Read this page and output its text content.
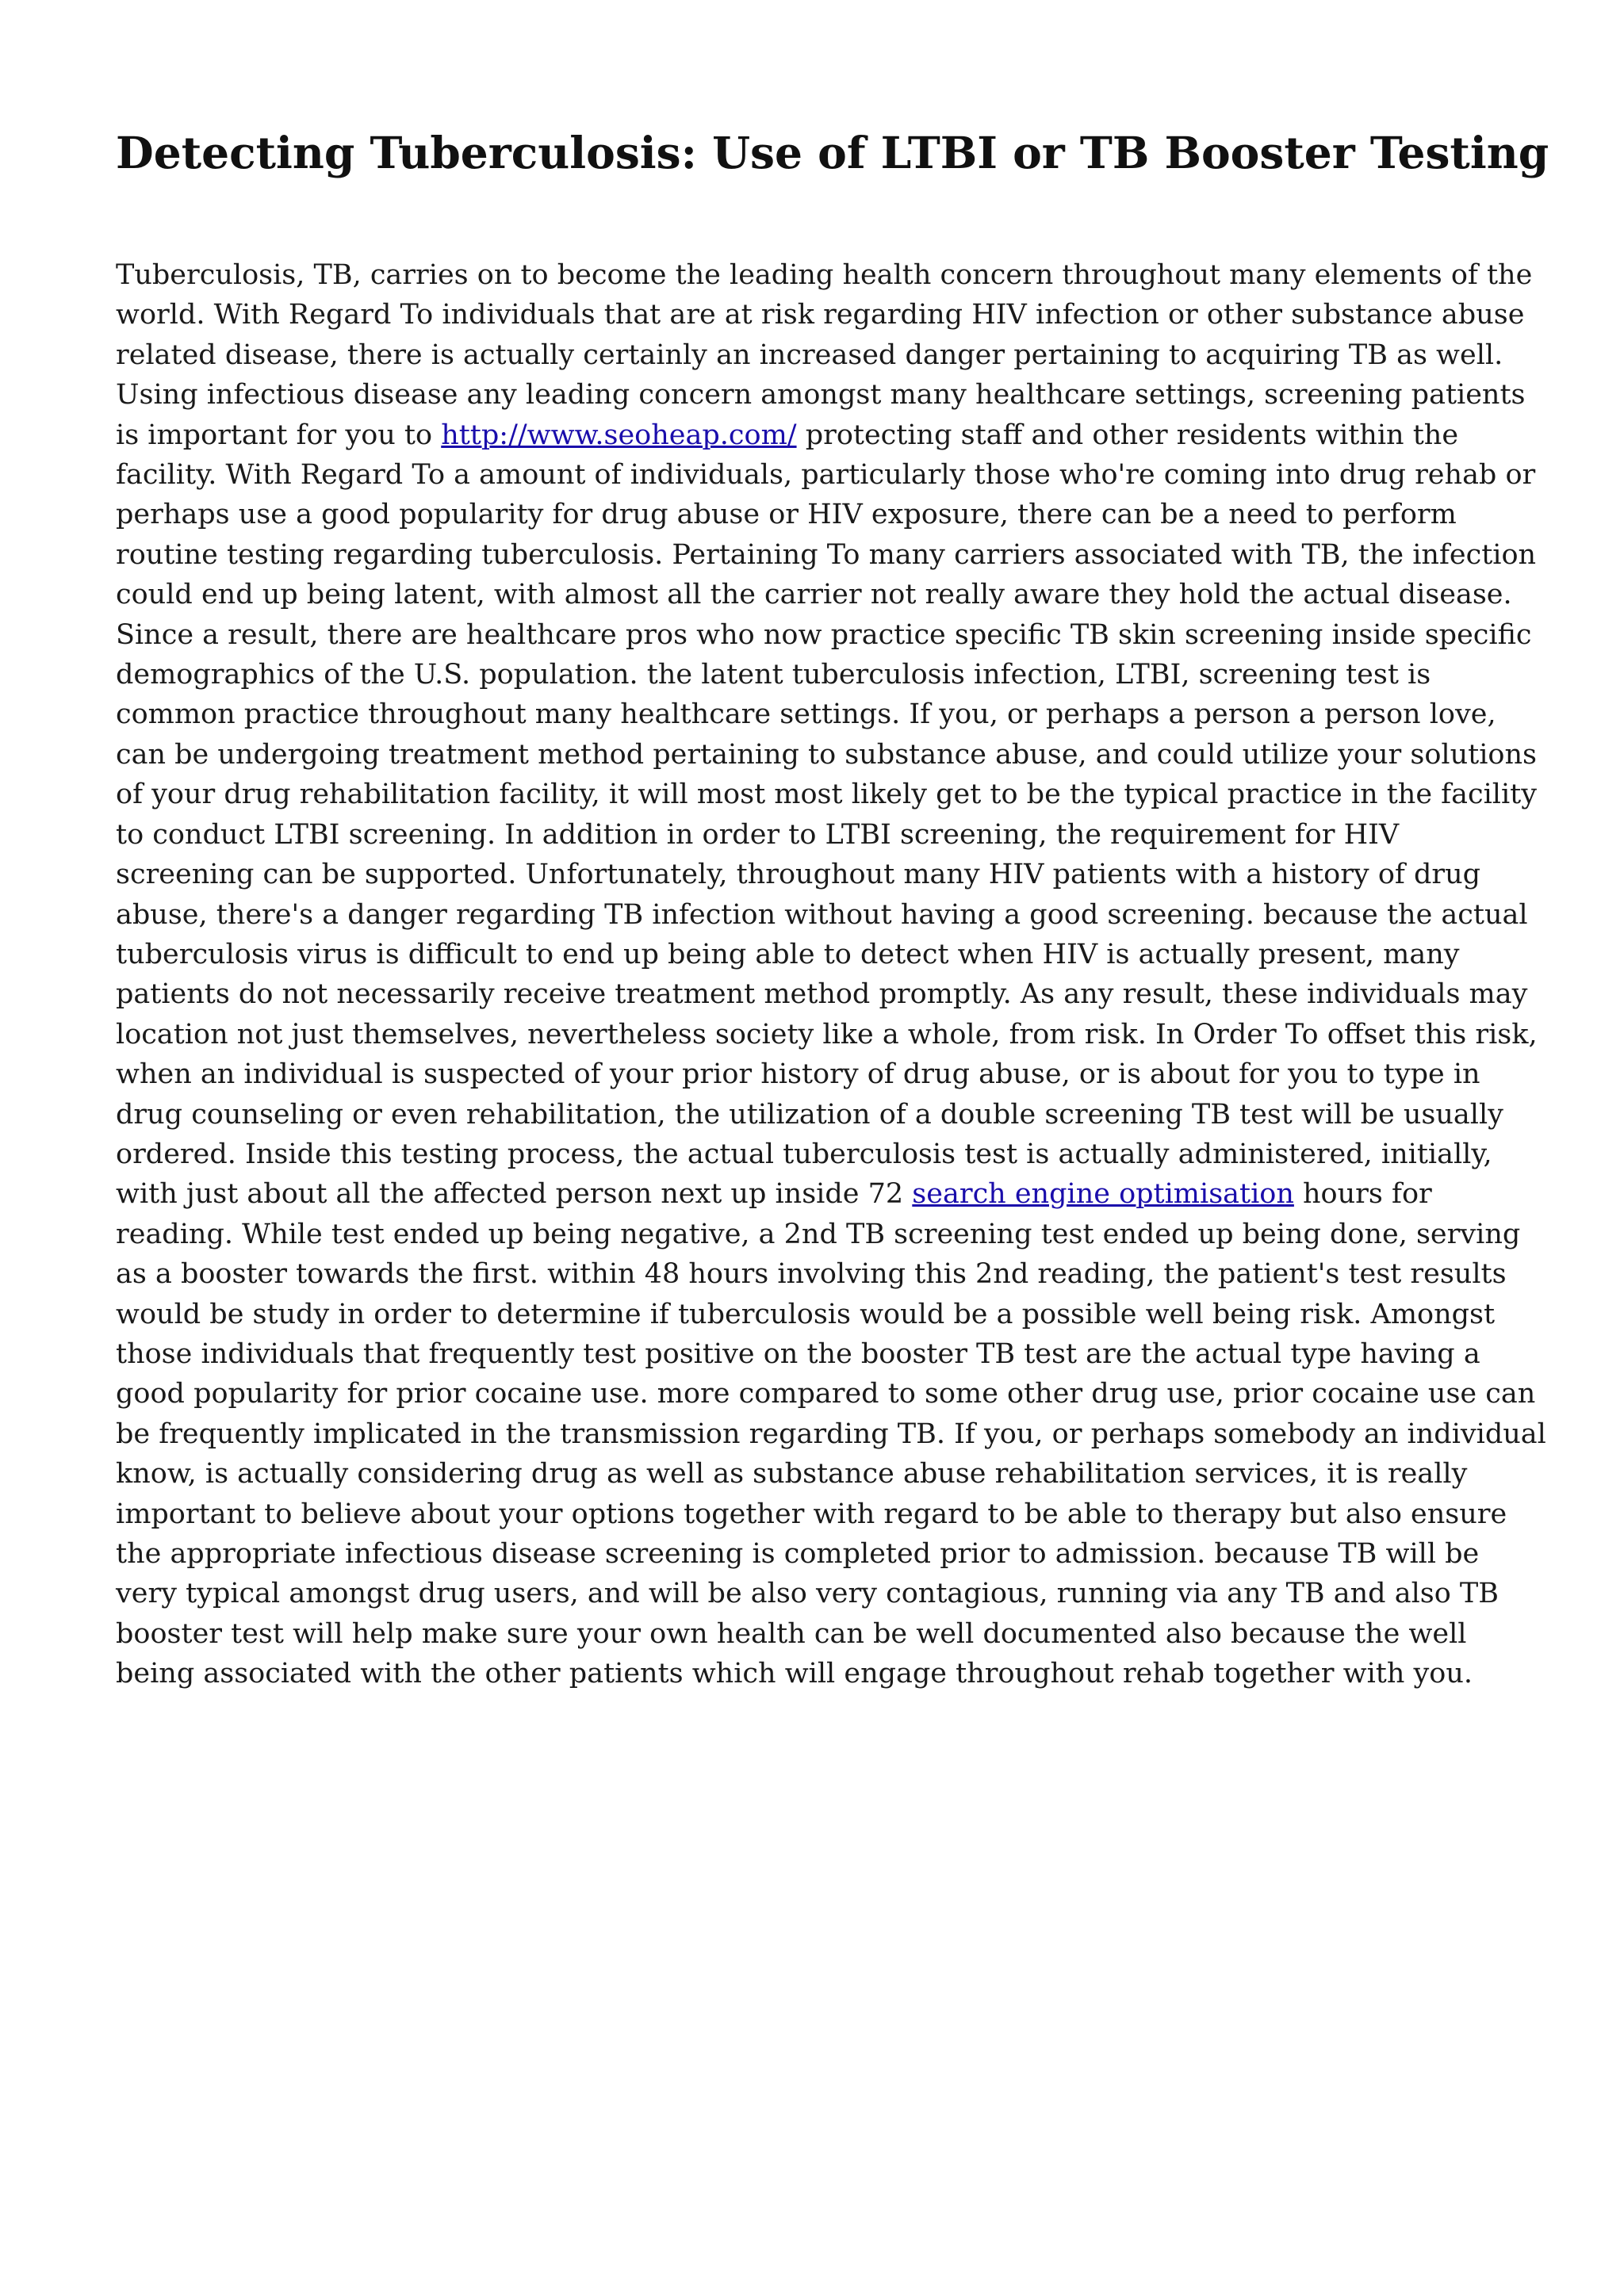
Detecting Tuberculosis: Use of LTBI or TB Booster Testing
Tuberculosis, TB, carries on to become the leading health concern throughout many elements of the
world. With Regard To individuals that are at risk regarding HIV infection or other substance abuse
related disease, there is actually certainly an increased danger pertaining to acquiring TB as well.
Using infectious disease any leading concern amongst many healthcare settings, screening patients
is important for you to http://www.seoheap.com/ protecting staff and other residents within the
facility. With Regard To a amount of individuals, particularly those who're coming into drug rehab or
perhaps use a good popularity for drug abuse or HIV exposure, there can be a need to perform
routine testing regarding tuberculosis. Pertaining To many carriers associated with TB, the infection
could end up being latent, with almost all the carrier not really aware they hold the actual disease.
Since a result, there are healthcare pros who now practice specific TB skin screening inside specific
demographics of the U.S. population. the latent tuberculosis infection, LTBI, screening test is
common practice throughout many healthcare settings. If you, or perhaps a person a person love,
can be undergoing treatment method pertaining to substance abuse, and could utilize your solutions
of your drug rehabilitation facility, it will most most likely get to be the typical practice in the facility
to conduct LTBI screening. In addition in order to LTBI screening, the requirement for HIV
screening can be supported. Unfortunately, throughout many HIV patients with a history of drug
abuse, there's a danger regarding TB infection without having a good screening. because the actual
tuberculosis virus is difficult to end up being able to detect when HIV is actually present, many
patients do not necessarily receive treatment method promptly. As any result, these individuals may
location not just themselves, nevertheless society like a whole, from risk. In Order To offset this risk,
when an individual is suspected of your prior history of drug abuse, or is about for you to type in
drug counseling or even rehabilitation, the utilization of a double screening TB test will be usually
ordered. Inside this testing process, the actual tuberculosis test is actually administered, initially,
with just about all the affected person next up inside 72 search engine optimisation hours for
reading. While test ended up being negative, a 2nd TB screening test ended up being done, serving
as a booster towards the first. within 48 hours involving this 2nd reading, the patient's test results
would be study in order to determine if tuberculosis would be a possible well being risk. Amongst
those individuals that frequently test positive on the booster TB test are the actual type having a
good popularity for prior cocaine use. more compared to some other drug use, prior cocaine use can
be frequently implicated in the transmission regarding TB. If you, or perhaps somebody an individual
know, is actually considering drug as well as substance abuse rehabilitation services, it is really
important to believe about your options together with regard to be able to therapy but also ensure
the appropriate infectious disease screening is completed prior to admission. because TB will be
very typical amongst drug users, and will be also very contagious, running via any TB and also TB
booster test will help make sure your own health can be well documented also because the well
being associated with the other patients which will engage throughout rehab together with you.
